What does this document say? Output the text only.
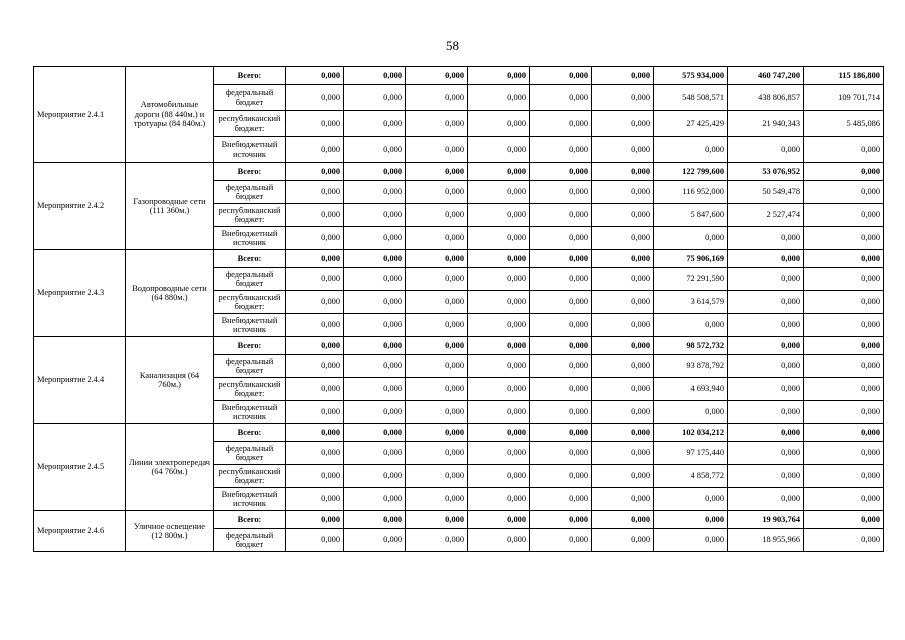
58
Мероприятие 2.4.1	Автомобильные дороги (88 440м.) и тротуары (84 840м.)	Всего:	0,000	0,000	0,000	0,000	0,000	0,000	575 934,000	460 747,200	115 186,800
		федеральный бюджет	0,000	0,000	0,000	0,000	0,000	0,000	548 508,571	438 806,857	109 701,714
		республиканский бюджет:	0,000	0,000	0,000	0,000	0,000	0,000	27 425,429	21 940,343	5 485,086
		Внебюджетный источник	0,000	0,000	0,000	0,000	0,000	0,000	0,000	0,000	0,000
Мероприятие 2.4.2	Газопроводные сети (111 360м.)	Всего:	0,000	0,000	0,000	0,000	0,000	0,000	122 799,600	53 076,952	0,000
		федеральный бюджет	0,000	0,000	0,000	0,000	0,000	0,000	116 952,000	50 549,478	0,000
		республиканский бюджет:	0,000	0,000	0,000	0,000	0,000	0,000	5 847,600	2 527,474	0,000
		Внебюджетный источник	0,000	0,000	0,000	0,000	0,000	0,000	0,000	0,000	0,000
Мероприятие 2.4.3	Водопроводные сети (64 880м.)	Всего:	0,000	0,000	0,000	0,000	0,000	0,000	75 906,169	0,000	0,000
		федеральный бюджет	0,000	0,000	0,000	0,000	0,000	0,000	72 291,590	0,000	0,000
		республиканский бюджет:	0,000	0,000	0,000	0,000	0,000	0,000	3 614,579	0,000	0,000
		Внебюджетный источник	0,000	0,000	0,000	0,000	0,000	0,000	0,000	0,000	0,000
Мероприятие 2.4.4	Канализация (64 760м.)	Всего:	0,000	0,000	0,000	0,000	0,000	0,000	98 572,732	0,000	0,000
		федеральный бюджет	0,000	0,000	0,000	0,000	0,000	0,000	93 878,792	0,000	0,000
		республиканский бюджет:	0,000	0,000	0,000	0,000	0,000	0,000	4 693,940	0,000	0,000
		Внебюджетный источник	0,000	0,000	0,000	0,000	0,000	0,000	0,000	0,000	0,000
Мероприятие 2.4.5	Линии электропередач (64 760м.)	Всего:	0,000	0,000	0,000	0,000	0,000	0,000	102 034,212	0,000	0,000
		федеральный бюджет	0,000	0,000	0,000	0,000	0,000	0,000	97 175,440	0,000	0,000
		республиканский бюджет:	0,000	0,000	0,000	0,000	0,000	0,000	4 858,772	0,000	0,000
		Внебюджетный источник	0,000	0,000	0,000	0,000	0,000	0,000	0,000	0,000	0,000
Мероприятие 2.4.6	Уличное освещение (12 800м.)	Всего:	0,000	0,000	0,000	0,000	0,000	0,000	0,000	19 903,764	0,000
		федеральный бюджет	0,000	0,000	0,000	0,000	0,000	0,000	0,000	18 955,966	0,000
